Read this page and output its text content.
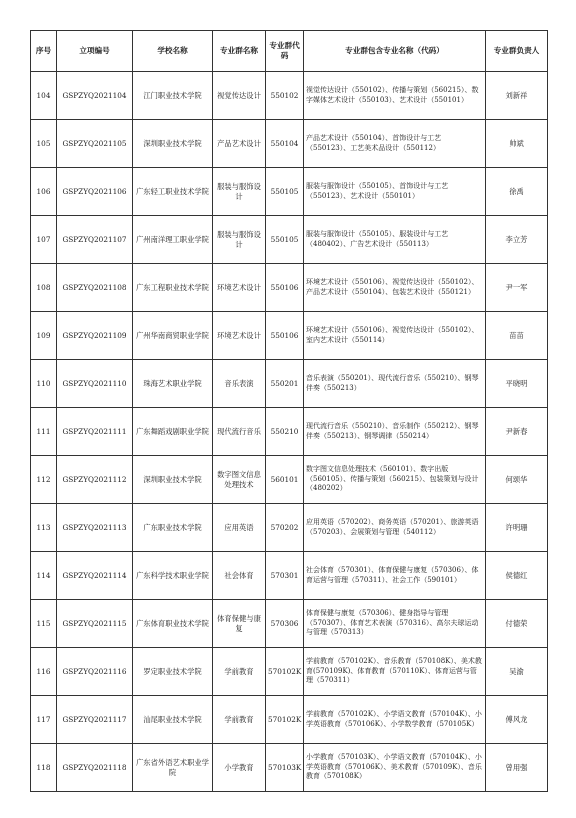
序号	立项编号	学校名称	专业群名称	专业群代码	专业群包含专业名称（代码）	专业群负责人
104	GSPZYQ2021104	江门职业技术学院	视觉传达设计	550102	视觉传达设计（550102）、传播与策划（560215）、数字媒体艺术设计（550103）、艺术设计（550101）	刘新祥
105	GSPZYQ2021105	深圳职业技术学院	产品艺术设计	550104	产品艺术设计（550104）、首饰设计与工艺（550123）、工艺美术品设计（550112）	帅斌
106	GSPZYQ2021106	广东轻工职业技术学院	服装与服饰设计	550105	服装与服饰设计（550105）、首饰设计与工艺（550123）、艺术设计（550101）	徐禹
107	GSPZYQ2021107	广州南洋理工职业学院	服装与服饰设计	550105	服装与服饰设计（550105）、服装设计与工艺（480402）、广告艺术设计（550113）	李立芳
108	GSPZYQ2021108	广东工程职业技术学院	环境艺术设计	550106	环境艺术设计（550106）、视觉传达设计（550102）、产品艺术设计（550104）、包装艺术设计（550121）	尹一军
109	GSPZYQ2021109	广州华南商贸职业学院	环境艺术设计	550106	环境艺术设计（550106）、视觉传达设计（550102）、室内艺术设计（550114）	苗苗
110	GSPZYQ2021110	珠海艺术职业学院	音乐表演	550201	音乐表演（550201）、现代流行音乐（550210）、钢琴伴奏（550213）	平晓明
111	GSPZYQ2021111	广东舞蹈戏剧职业学院	现代流行音乐	550210	现代流行音乐（550210）、音乐制作（550212）、钢琴伴奏（550213）、钢琴调律（550214）	尹新春
112	GSPZYQ2021112	深圳职业技术学院	数字图文信息处理技术	560101	数字图文信息处理技术（560101）、数字出版（560105）、传播与策划（560215）、包装策划与设计（480202）	何颂华
113	GSPZYQ2021113	广东职业技术学院	应用英语	570202	应用英语（570202）、商务英语（570201）、旅游英语（570203）、会展策划与管理（540112）	许明珊
114	GSPZYQ2021114	广东科学技术职业学院	社会体育	570301	社会体育（570301）、体育保健与康复（570306）、体育运营与管理（570311）、社会工作（590101）	侯德红
115	GSPZYQ2021115	广东体育职业技术学院	体育保健与康复	570306	体育保健与康复（570306）、健身指导与管理（570307）、体育艺术表演（570316）、高尔夫球运动与管理（570313）	付德荣
116	GSPZYQ2021116	罗定职业技术学院	学前教育	570102K	学前教育（570102K）、音乐教育（570108K）、美术教育(570109K)、体育教育（570110K）、体育运营与管理（570311）	吴渝
117	GSPZYQ2021117	汕尾职业技术学院	学前教育	570102K	学前教育（570102K）、小学语文教育（570104K）、小学英语教育（570106K）、小学数学教育（570105K）	傅风龙
118	GSPZYQ2021118	广东省外语艺术职业学院	小学教育	570103K	小学教育（570103K）、小学语文教育（570104K）、小学英语教育（570106K）、美术教育（570109K）、音乐教育（570108K）	曾用强
